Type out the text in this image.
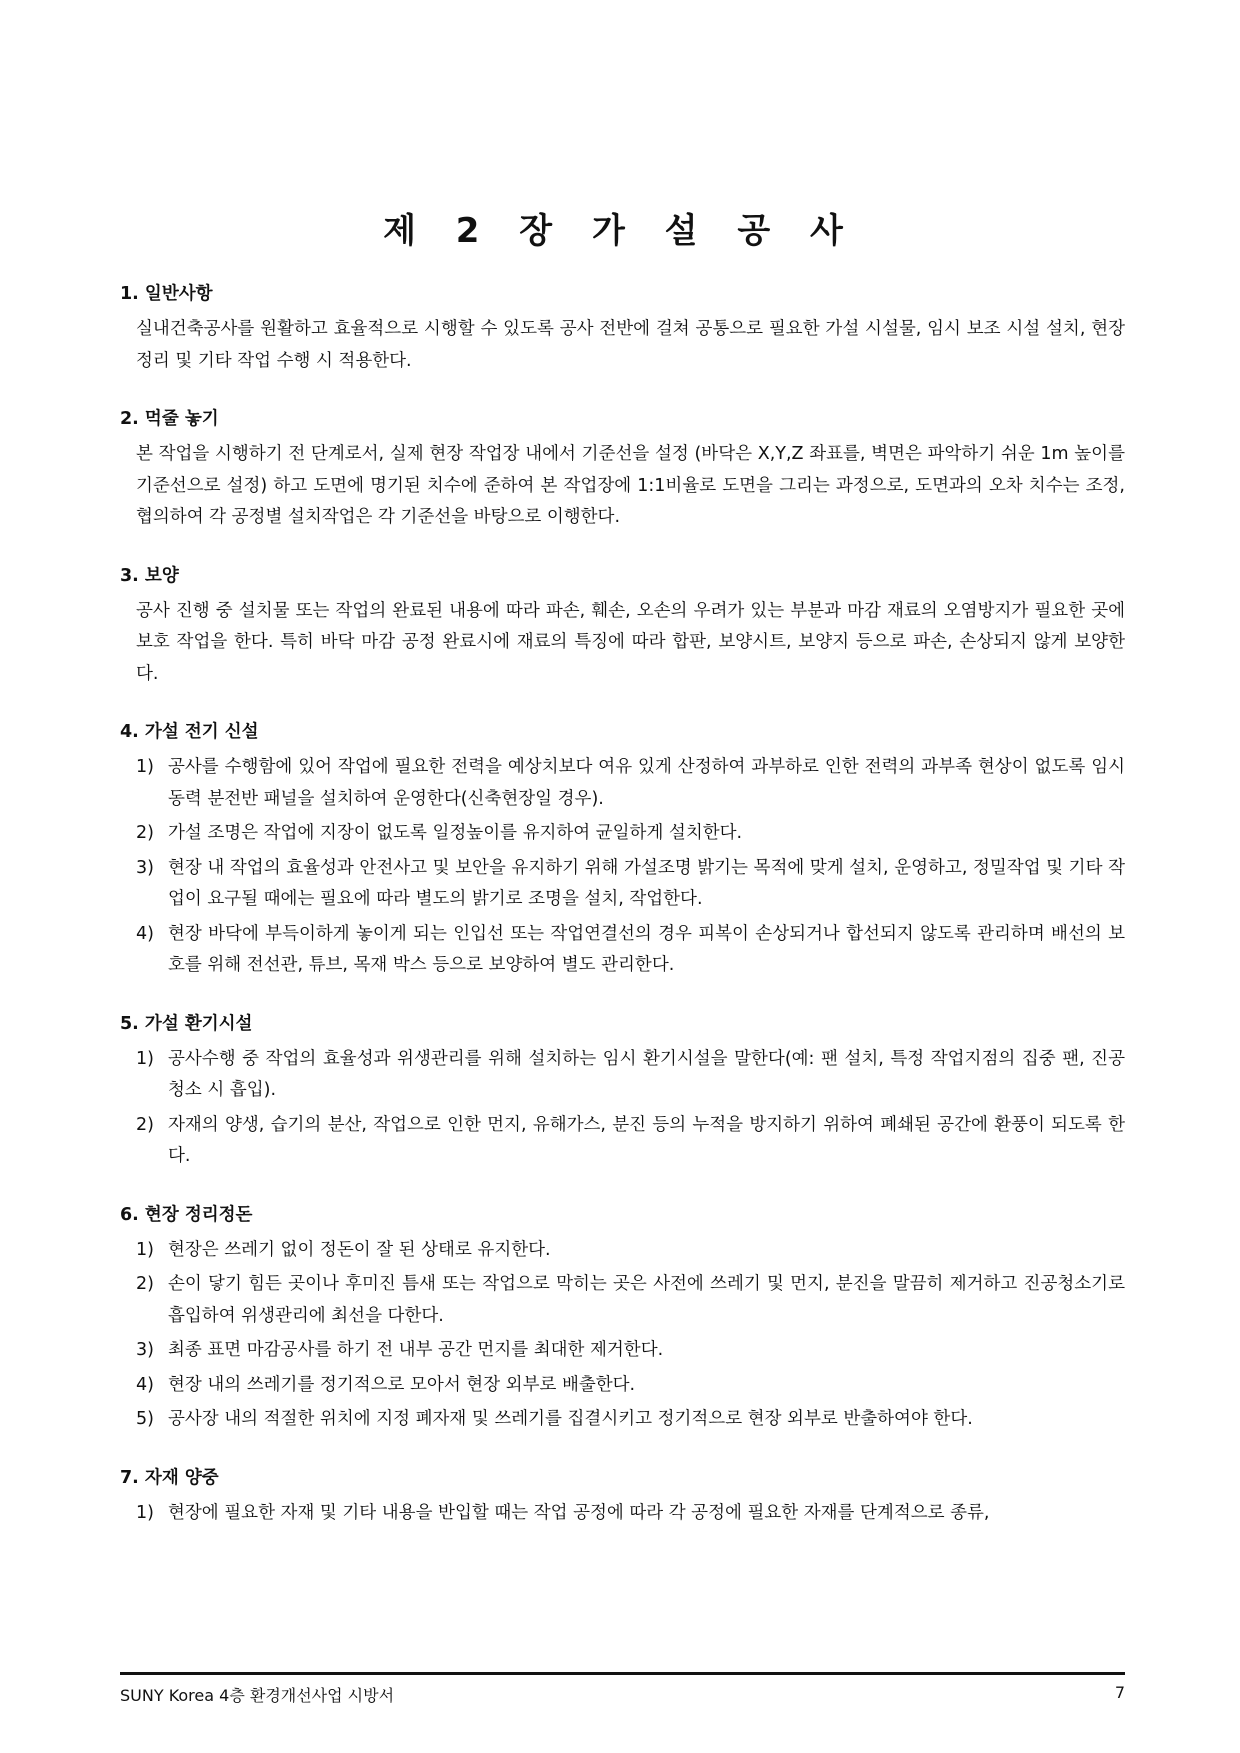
제 2 장 가 설 공 사
1. 일반사항

실내건축공사를 원활하고 효율적으로 시행할 수 있도록 공사 전반에 걸쳐 공통으로 필요한 가설 시설물, 임시 보조 시설 설치, 현장 정리 및 기타 작업 수행 시 적용한다.

2. 먹줄 놓기

본 작업을 시행하기 전 단계로서, 실제 현장 작업장 내에서 기준선을 설정 (바닥은 X,Y,Z 좌표를, 벽면은 파악하기 쉬운 1m 높이를 기준선으로 설정) 하고 도면에 명기된 치수에 준하여 본 작업장에 1:1비율로 도면을 그리는 과정으로, 도면과의 오차 치수는 조정, 협의하여 각 공정별 설치작업은 각 기준선을 바탕으로 이행한다.

3. 보양

공사 진행 중 설치물 또는 작업의 완료된 내용에 따라 파손, 훼손, 오손의 우려가 있는 부분과 마감 재료의 오염방지가 필요한 곳에 보호 작업을 한다. 특히 바닥 마감 공정 완료시에 재료의 특징에 따라 합판, 보양시트, 보양지 등으로 파손, 손상되지 않게 보양한다.

4. 가설 전기 신설
1) 공사를 수행함에 있어 작업에 필요한 전력을 예상치보다 여유 있게 산정하여 과부하로 인한 전력의 과부족 현상이 없도록 임시동력 분전반 패널을 설치하여 운영한다(신축현장일 경우).
2) 가설 조명은 작업에 지장이 없도록 일정높이를 유지하여 균일하게 설치한다.
3) 현장 내 작업의 효율성과 안전사고 및 보안을 유지하기 위해 가설조명 밝기는 목적에 맞게 설치, 운영하고, 정밀작업 및 기타 작업이 요구될 때에는 필요에 따라 별도의 밝기로 조명을 설치, 작업한다.
4) 현장 바닥에 부득이하게 놓이게 되는 인입선 또는 작업연결선의 경우 피복이 손상되거나 합선되지 않도록 관리하며 배선의 보호를 위해 전선관, 튜브, 목재 박스 등으로 보양하여 별도 관리한다.
5. 가설 환기시설
1) 공사수행 중 작업의 효율성과 위생관리를 위해 설치하는 임시 환기시설을 말한다(예: 팬 설치, 특정 작업지점의 집중 팬, 진공청소 시 흡입).
2) 자재의 양생, 습기의 분산, 작업으로 인한 먼지, 유해가스, 분진 등의 누적을 방지하기 위하여 폐쇄된 공간에 환풍이 되도록 한다.
6. 현장 정리정돈
1) 현장은 쓰레기 없이 정돈이 잘 된 상태로 유지한다.
2) 손이 닿기 힘든 곳이나 후미진 틈새 또는 작업으로 막히는 곳은 사전에 쓰레기 및 먼지, 분진을 말끔히 제거하고 진공청소기로 흡입하여 위생관리에 최선을 다한다.
3) 최종 표면 마감공사를 하기 전 내부 공간 먼지를 최대한 제거한다.
4) 현장 내의 쓰레기를 정기적으로 모아서 현장 외부로 배출한다.
5) 공사장 내의 적절한 위치에 지정 폐자재 및 쓰레기를 집결시키고 정기적으로 현장 외부로 반출하여야 한다.
7. 자재 양중
1) 현장에 필요한 자재 및 기타 내용을 반입할 때는 작업 공정에 따라 각 공정에 필요한 자재를 단계적으로 종류,
SUNY Korea 4층 환경개선사업 시방서	7
